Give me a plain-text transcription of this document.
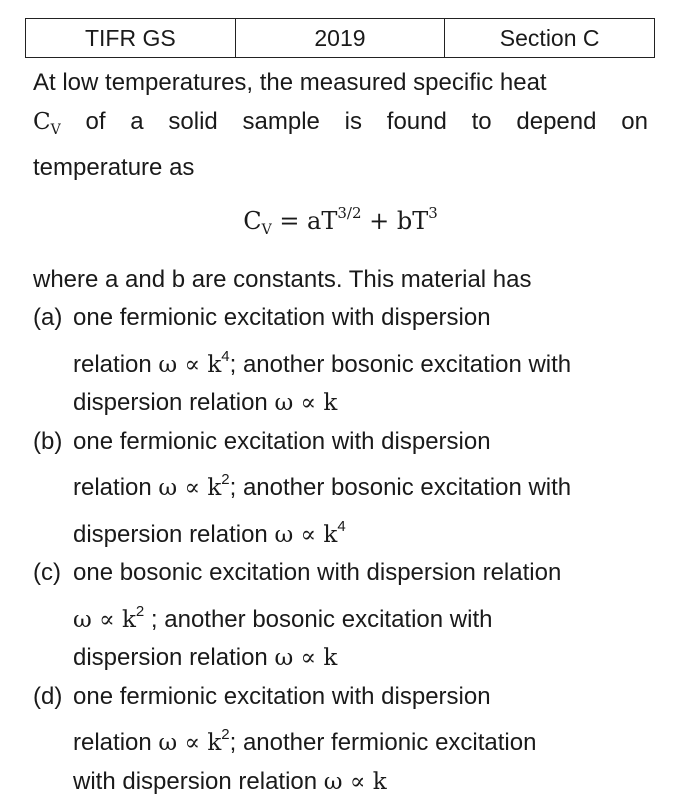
TIFR GS	2019	Section C
At low temperatures, the measured specific heat
$C_V$ of a solid sample is found to depend on
temperature as
$C_V = aT^{3/2} + bT^3$
where a and b are constants. This material has
(a) one fermionic excitation with dispersion
relation $\omega \propto k^4$; another bosonic excitation with
dispersion relation ω ∝ k
(b) one fermionic excitation with dispersion
relation $\omega \propto k^2$; another bosonic excitation with
dispersion relation $\omega \propto k^4$
(c) one bosonic excitation with dispersion relation
$\omega \propto k^2$ ; another bosonic excitation with
dispersion relation ω ∝ k
(d) one fermionic excitation with dispersion
relation $\omega \propto k^2$; another fermionic excitation
with dispersion relation ω ∝ k
